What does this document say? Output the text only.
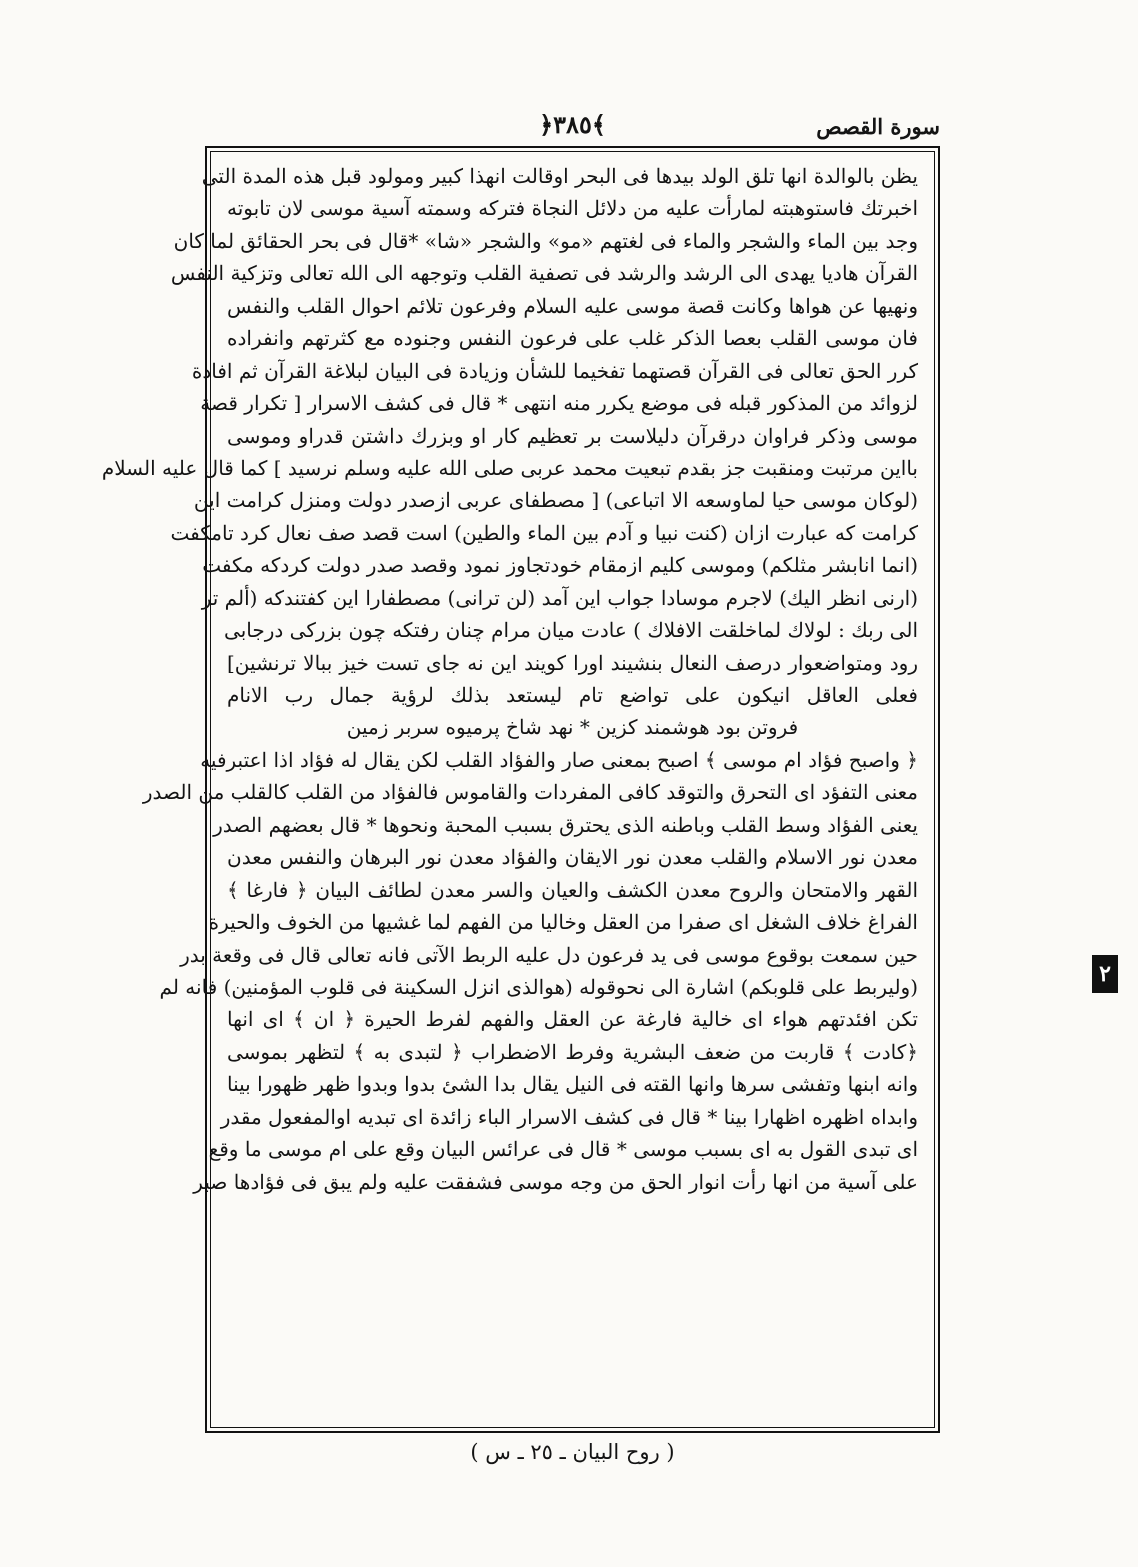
﴿٣٨٥﴾	سورة القصص
يظن بالوالدة انها تلق الولد بيدها فى البحر اوقالت انهذا كبير ومولود قبل هذه المدة التى
اخبرتك فاستوهبته لمارأت عليه من دلائل النجاة فتركه وسمته آسية موسى لان تابوته
وجد بين الماء والشجر والماء فى لغتهم «مو» والشجر «شا» *قال فى بحر الحقائق لما كان
القرآن هاديا يهدى الى الرشد والرشد فى تصفية القلب وتوجهه الى الله تعالى وتزكية النفس
ونهيها عن هواها وكانت قصة موسى عليه السلام وفرعون تلائم احوال القلب والنفس
فان موسى القلب بعصا الذكر غلب على فرعون النفس وجنوده مع كثرتهم وانفراده
كرر الحق تعالى فى القرآن قصتهما تفخيما للشأن وزيادة فى البيان لبلاغة القرآن ثم افادة
لزوائد من المذكور قبله فى موضع يكرر منه انتهى * قال فى كشف الاسرار [ تكرار قصة
موسى وذكر فراوان درقرآن دليلاست بر تعظيم كار او وبزرك داشتن قدراو وموسى
بااين مرتبت ومنقبت جز بقدم تبعيت محمد عربى صلى الله عليه وسلم نرسيد ] كما قال عليه السلام
(لوكان موسى حيا لماوسعه الا اتباعى) [ مصطفاى عربى ازصدر دولت ومنزل كرامت اين
كرامت كه عبارت ازان (كنت نبيا و آدم بين الماء والطين) است قصد صف نعال كرد تامكفت
(انما انابشر مثلكم) وموسى كليم ازمقام خودتجاوز نمود وقصد صدر دولت كردكه مكفت
(ارنى انظر اليك) لاجرم موسادا جواب اين آمد (لن ترانى) مصطفارا اين كفتندكه (ألم تر
الى ربك : لولاك لماخلقت الافلاك ) عادت ميان مرام چنان رفتكه چون بزركى درجابى
رود ومتواضعوار درصف النعال بنشيند اورا كويند اين نه جاى تست خيز ببالا ترنشين]
فعلى العاقل انيكون على تواضع تام ليستعد بذلك لرؤية جمال رب الانام
فروتن بود هوشمند كزين * نهد شاخ پرميوه سربر زمين
﴿ واصبح فؤاد ام موسى ﴾ اصبح بمعنى صار والفؤاد القلب لكن يقال له فؤاد اذا اعتبرفيه
معنى التفؤد اى التحرق والتوقد كافى المفردات والقاموس فالفؤاد من القلب كالقلب من الصدر
يعنى الفؤاد وسط القلب وباطنه الذى يحترق بسبب المحبة ونحوها * قال بعضهم الصدر
معدن نور الاسلام والقلب معدن نور الايقان والفؤاد معدن نور البرهان والنفس معدن
القهر والامتحان والروح معدن الكشف والعيان والسر معدن لطائف البيان ﴿ فارغا ﴾
الفراغ خلاف الشغل اى صفرا من العقل وخاليا من الفهم لما غشيها من الخوف والحيرة
حين سمعت بوقوع موسى فى يد فرعون دل عليه الربط الآتى فانه تعالى قال فى وقعة بدر
(وليربط على قلوبكم) اشارة الى نحوقوله (هوالذى انزل السكينة فى قلوب المؤمنين) فانه لم
تكن افئدتهم هواء اى خالية فارغة عن العقل والفهم لفرط الحيرة ﴿ ان ﴾ اى انها
﴿كادت ﴾ قاربت من ضعف البشرية وفرط الاضطراب ﴿ لتبدى به ﴾ لتظهر بموسى
وانه ابنها وتفشى سرها وانها القته فى النيل يقال بدا الشئ بدوا وبدوا ظهر ظهورا بينا
وابداه اظهره اظهارا بينا * قال فى كشف الاسرار الباء زائدة اى تبديه اوالمفعول مقدر
اى تبدى القول به اى بسبب موسى * قال فى عرائس البيان وقع على ام موسى ما وقع
على آسية من انها رأت انوار الحق من وجه موسى فشفقت عليه ولم يبق فى فؤادها صبر
( روح البيان ـ ٢٥ ـ س )
٢
